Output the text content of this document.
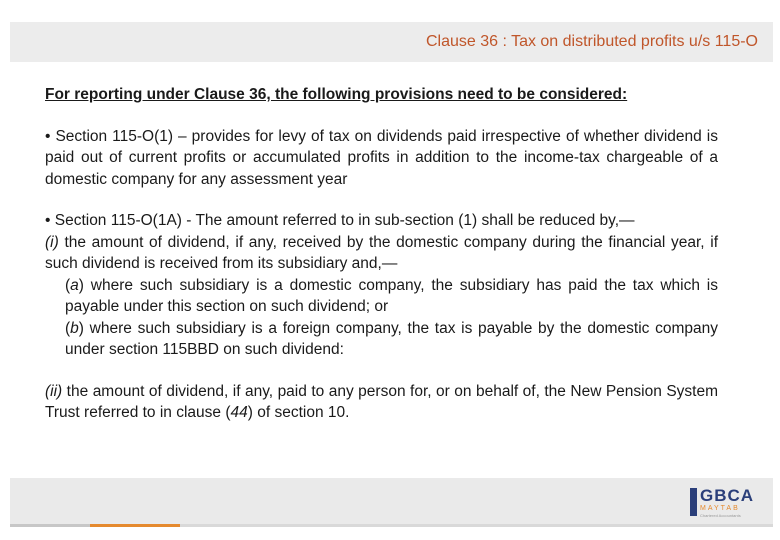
Clause 36 : Tax on distributed profits u/s 115-O

For reporting under Clause 36, the following provisions need to be considered:

• Section 115-O(1) – provides for levy of tax on dividends paid irrespective of whether dividend is paid out of current profits or accumulated profits in addition to the income-tax chargeable of a domestic company for any assessment year

• Section 115-O(1A) - The amount referred to in sub-section (1) shall be reduced by,—

(i) the amount of dividend, if any, received by the domestic company during the financial year, if such dividend is received from its subsidiary and,—

(a) where such subsidiary is a domestic company, the subsidiary has paid the tax which is payable under this section on such dividend; or

(b) where such subsidiary is a foreign company, the tax is payable by the domestic company under section 115BBD on such dividend:

(ii) the amount of dividend, if any, paid to any person for, or on behalf of, the New Pension System Trust referred to in clause (44) of section 10.

GBCA
MAYTAB
Chartered Accountants
